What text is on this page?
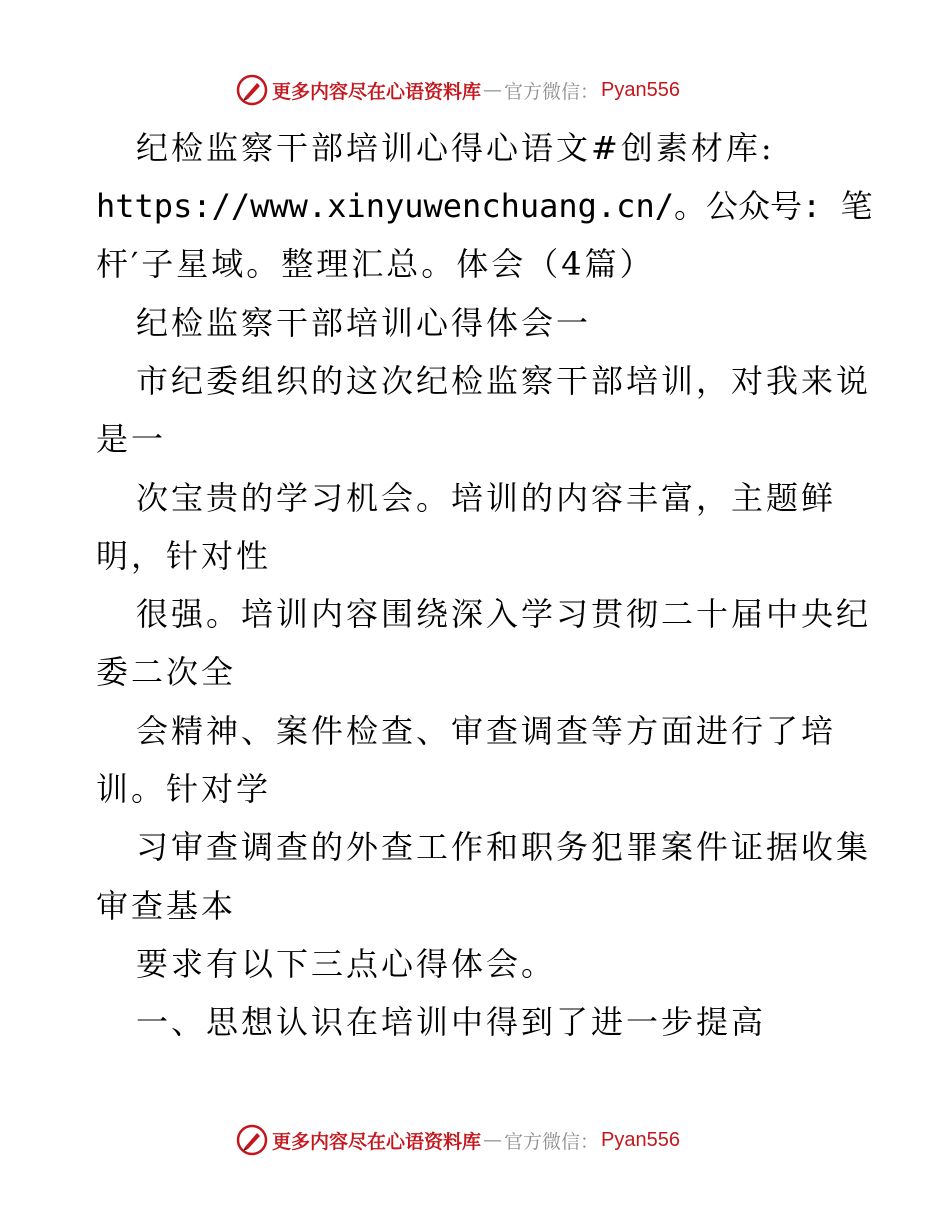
更多内容尽在心语资料库 — 官方微信： Pyan556
纪检监察干部培训心得心语文#创素材库:
https://www.xinyuwenchuang.cn/。公众号: 笔
杆′子星域。整理汇总。体会（4篇）
纪检监察干部培训心得体会一
市纪委组织的这次纪检监察干部培训，对我来说
是一
次宝贵的学习机会。培训的内容丰富，主题鲜
明，针对性
很强。培训内容围绕深入学习贯彻二十届中央纪
委二次全
会精神、案件检查、审查调查等方面进行了培
训。针对学
习审查调查的外查工作和职务犯罪案件证据收集
审查基本
要求有以下三点心得体会。
一、思想认识在培训中得到了进一步提高
更多内容尽在心语资料库 — 官方微信： Pyan556
